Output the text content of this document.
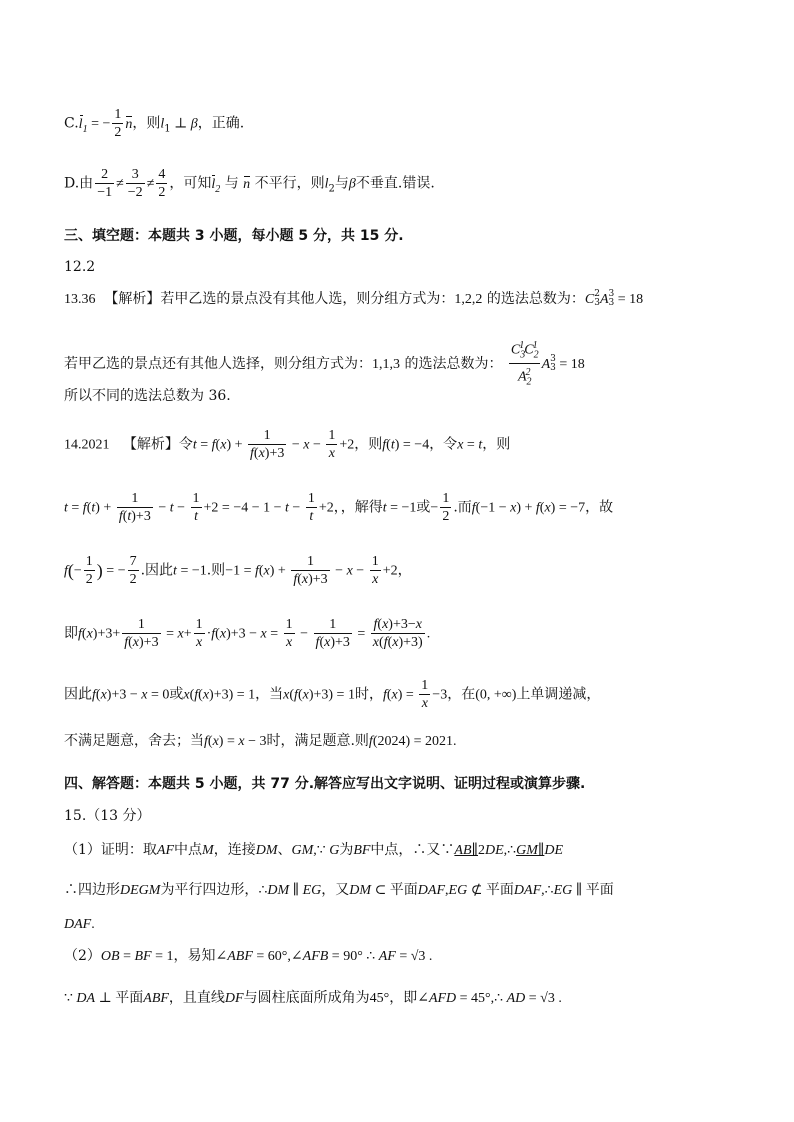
$C.l_1$ = − $\frac{1}{2}$ n，则$l_1$ ⊥ β，正确.
D.由 $\frac{2}{-1} \ne \frac{3}{-2} \ne \frac{4}{2}$ ，可知$l_2$ 与 n 不平行，则$l_2$与β不垂直.错误.
三、填空题：本题共 3 小题，每小题 5 分，共 15 分.
12.2
13.36 【解析】若甲乙选的景点没有其他人选，则分组方式为：1,2,2 的选法总数为：C 2
3 A 3
3 = 18
若甲乙选的景点还有其他人选择，则分组方式为：1,1,3 的选法总数为： $\frac{C_3^1C_2^1}{A_2^2}$ A 3
3 = 18
所以不同的选法总数为 36.
14.2021 【解析】令$t = f(x) + \frac{1}{f(x)+3} - x - \frac{1}{x} +2$，则f(t) = −4，令x = t，则
$t = f(t) + \frac{1}{f(t)+3} - t - \frac{1}{t} +2 = -4 - 1 - t - \frac{1}{t} +2$，，解得t = −1或− $\frac{1}{2}$ .而f(−1 − x) + f(x) = −7，故
$f(- \frac{1}{2}$ ) = − $\frac{7}{2}$ .因此t = −1.则$-1 = f(x) + \frac{1}{f(x)+3} - x - \frac{1}{x} +2$，
即$f(x)+3+ \frac{1}{f(x)+3} = x+ \frac{1}{x} \cdot f(x)+3 - x = \frac{1}{x} - \frac{1}{f(x)+3} = \frac{f(x)+3-x}{x(f(x)+3)}$ .
因此f(x)+3 − x = 0或x(f(x)+3) = 1，当x(f(x)+3) = 1时，$f(x) = \frac{1}{x} -3$，在(0, +∞)上单调递减，
不满足题意，舍去；当f(x) = x − 3时，满足题意.则f(2024) = 2021.
四、解答题：本题共 5 小题，共 77 分.解答应写出文字说明、证明过程或演算步骤.
15.（13 分）
（1）证明：取AF中点M，连接DM、GM,∵ G为BF中点，∴又∵AB∥2DE,∴GM∥DE
∴四边形DEGM为平行四边形，∴DM ∥ EG，又DM ⊂ 平面DAF,EG ⊄ 平面DAF,∴EG ∥ 平面
DAF.
（2）OB = BF = 1，易知∠ABF = 60°,∠AFB = 90° ∴ AF = √3 .
∵ DA ⊥ 平面ABF，且直线DF与圆柱底面所成角为45°，即∠AFD = 45°,∴ AD = √3 .
